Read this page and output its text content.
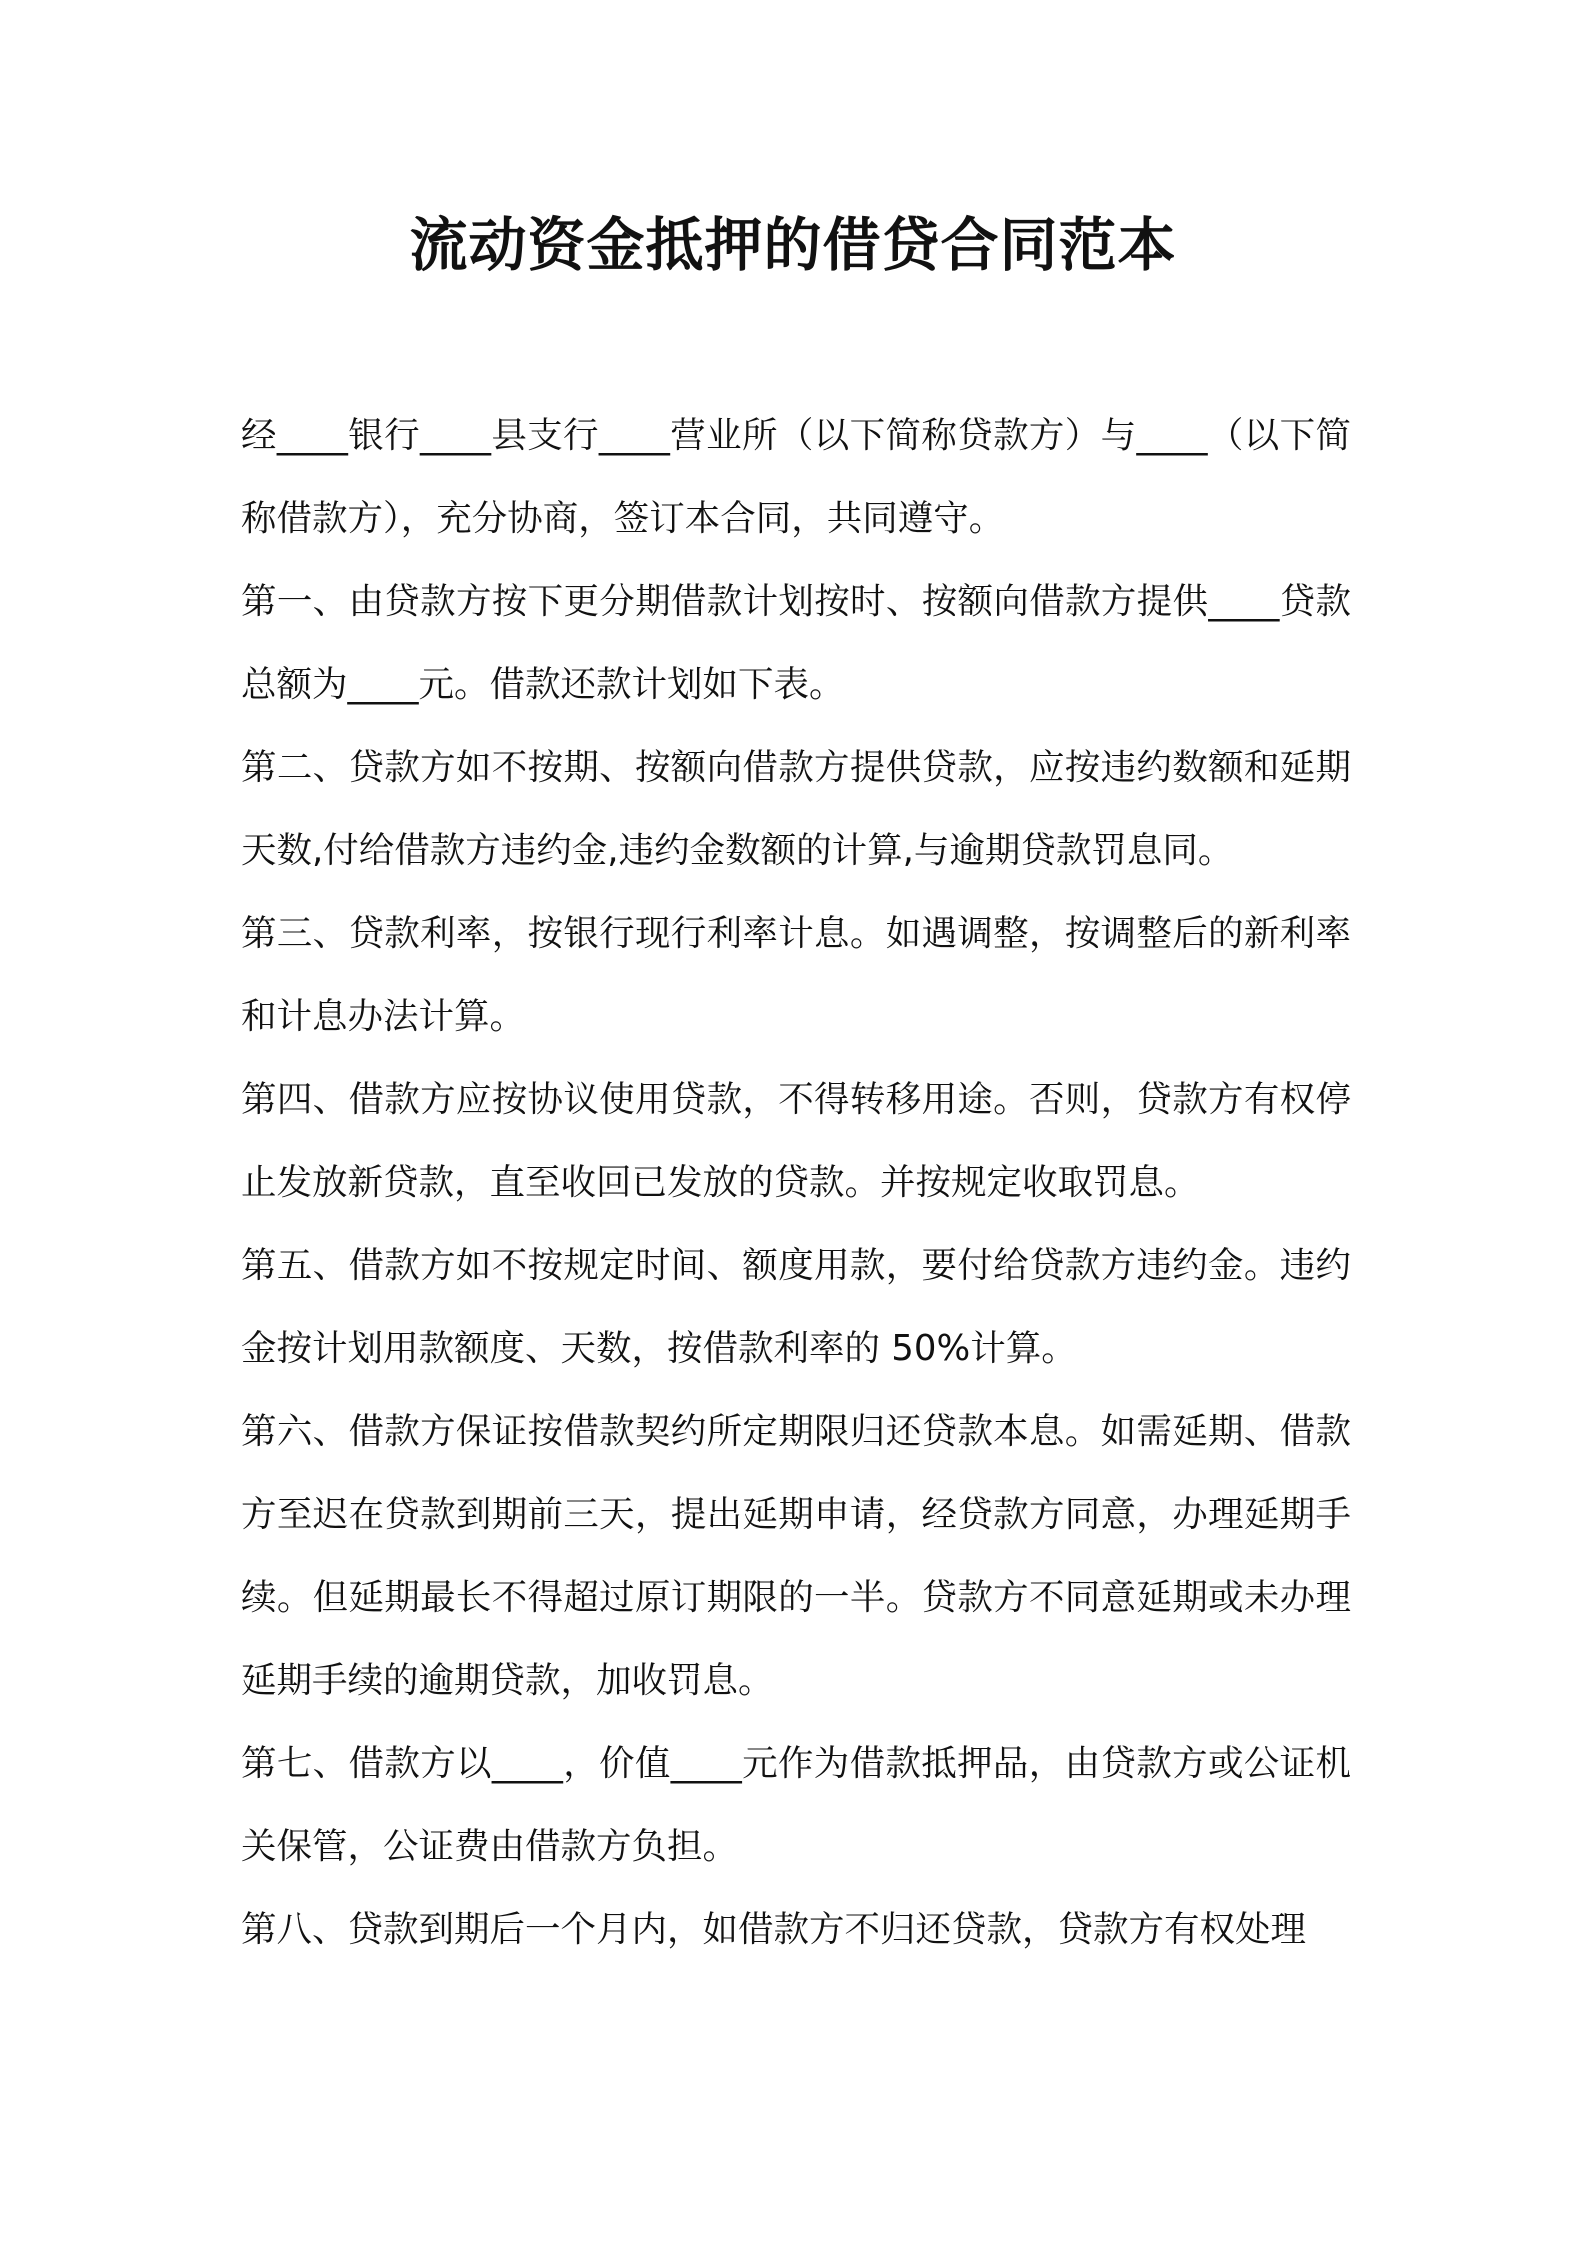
流动资金抵押的借贷合同范本

经____银行____县支行____营业所（以下简称贷款方）与____（以下简称借款方），充分协商，签订本合同，共同遵守。

第一、由贷款方按下更分期借款计划按时、按额向借款方提供____贷款总额为____元。借款还款计划如下表。

第二、贷款方如不按期、按额向借款方提供贷款，应按违约数额和延期天数,付给借款方违约金,违约金数额的计算,与逾期贷款罚息同。

第三、贷款利率，按银行现行利率计息。如遇调整，按调整后的新利率和计息办法计算。

第四、借款方应按协议使用贷款，不得转移用途。否则，贷款方有权停止发放新贷款，直至收回已发放的贷款。并按规定收取罚息。

第五、借款方如不按规定时间、额度用款，要付给贷款方违约金。违约金按计划用款额度、天数，按借款利率的 50%计算。

第六、借款方保证按借款契约所定期限归还贷款本息。如需延期、借款方至迟在贷款到期前三天，提出延期申请，经贷款方同意，办理延期手续。但延期最长不得超过原订期限的一半。贷款方不同意延期或未办理延期手续的逾期贷款，加收罚息。

第七、借款方以____，价值____元作为借款抵押品，由贷款方或公证机关保管，公证费由借款方负担。

第八、贷款到期后一个月内，如借款方不归还贷款，贷款方有权处理
